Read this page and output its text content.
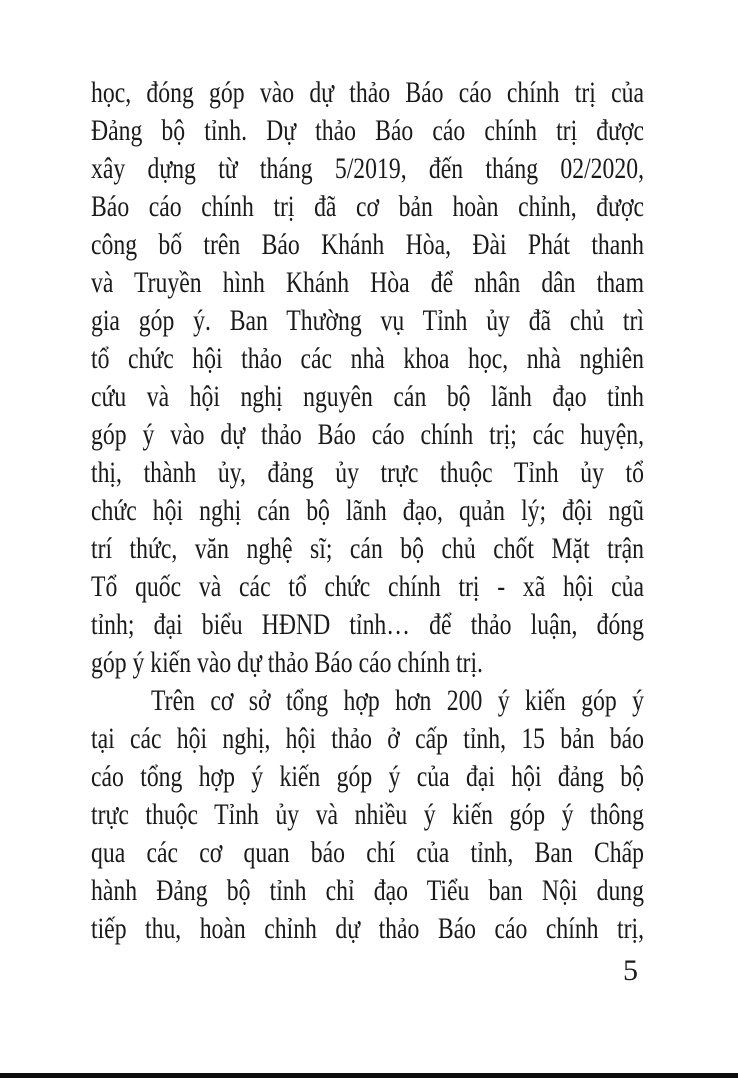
học, đóng góp vào dự thảo Báo cáo chính trị của

Đảng bộ tỉnh. Dự thảo Báo cáo chính trị được

xây dựng từ tháng 5/2019, đến tháng 02/2020,

Báo cáo chính trị đã cơ bản hoàn chỉnh, được

công bố trên Báo Khánh Hòa, Đài Phát thanh

và Truyền hình Khánh Hòa để nhân dân tham

gia góp ý. Ban Thường vụ Tỉnh ủy đã chủ trì

tổ chức hội thảo các nhà khoa học, nhà nghiên

cứu và hội nghị nguyên cán bộ lãnh đạo tỉnh

góp ý vào dự thảo Báo cáo chính trị; các huyện,

thị, thành ủy, đảng ủy trực thuộc Tỉnh ủy tổ

chức hội nghị cán bộ lãnh đạo, quản lý; đội ngũ

trí thức, văn nghệ sĩ; cán bộ chủ chốt Mặt trận

Tổ quốc và các tổ chức chính trị - xã hội của

tỉnh; đại biểu HĐND tỉnh… để thảo luận, đóng

góp ý kiến vào dự thảo Báo cáo chính trị.

Trên cơ sở tổng hợp hơn 200 ý kiến góp ý

tại các hội nghị, hội thảo ở cấp tỉnh, 15 bản báo

cáo tổng hợp ý kiến góp ý của đại hội đảng bộ

trực thuộc Tỉnh ủy và nhiều ý kiến góp ý thông

qua các cơ quan báo chí của tỉnh, Ban Chấp

hành Đảng bộ tỉnh chỉ đạo Tiểu ban Nội dung

tiếp thu, hoàn chỉnh dự thảo Báo cáo chính trị,

5
